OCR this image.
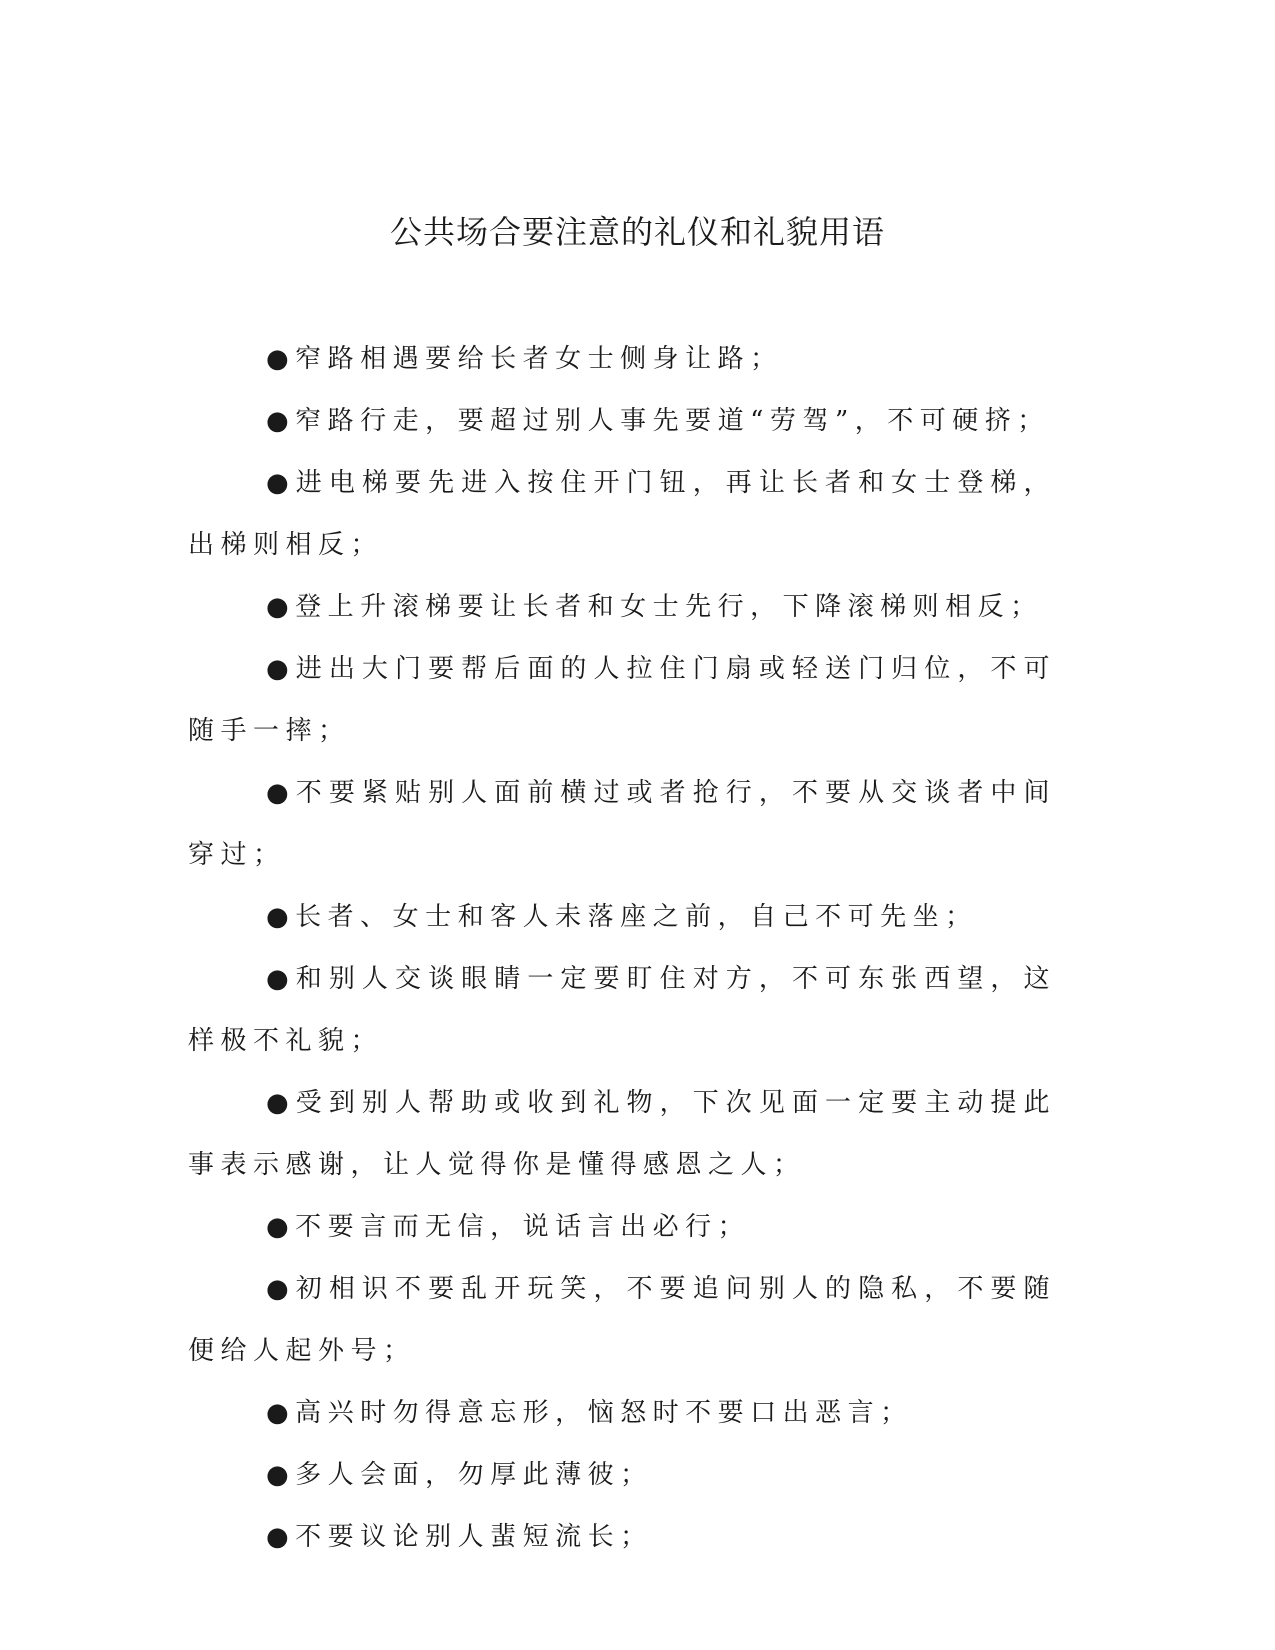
公共场合要注意的礼仪和礼貌用语

●窄路相遇要给长者女士侧身让路；

●窄路行走，要超过别人事先要道“劳驾”，不可硬挤；

●进电梯要先进入按住开门钮，再让长者和女士登梯，出梯则相反；

●登上升滚梯要让长者和女士先行，下降滚梯则相反；

●进出大门要帮后面的人拉住门扇或轻送门归位，不可随手一摔；

●不要紧贴别人面前横过或者抢行，不要从交谈者中间穿过；

●长者、女士和客人未落座之前，自己不可先坐；

●和别人交谈眼睛一定要盯住对方，不可东张西望，这样极不礼貌；

●受到别人帮助或收到礼物，下次见面一定要主动提此事表示感谢，让人觉得你是懂得感恩之人；

●不要言而无信，说话言出必行；

●初相识不要乱开玩笑，不要追问别人的隐私，不要随便给人起外号；

●高兴时勿得意忘形，恼怒时不要口出恶言；

●多人会面，勿厚此薄彼；

●不要议论别人蜚短流长；
